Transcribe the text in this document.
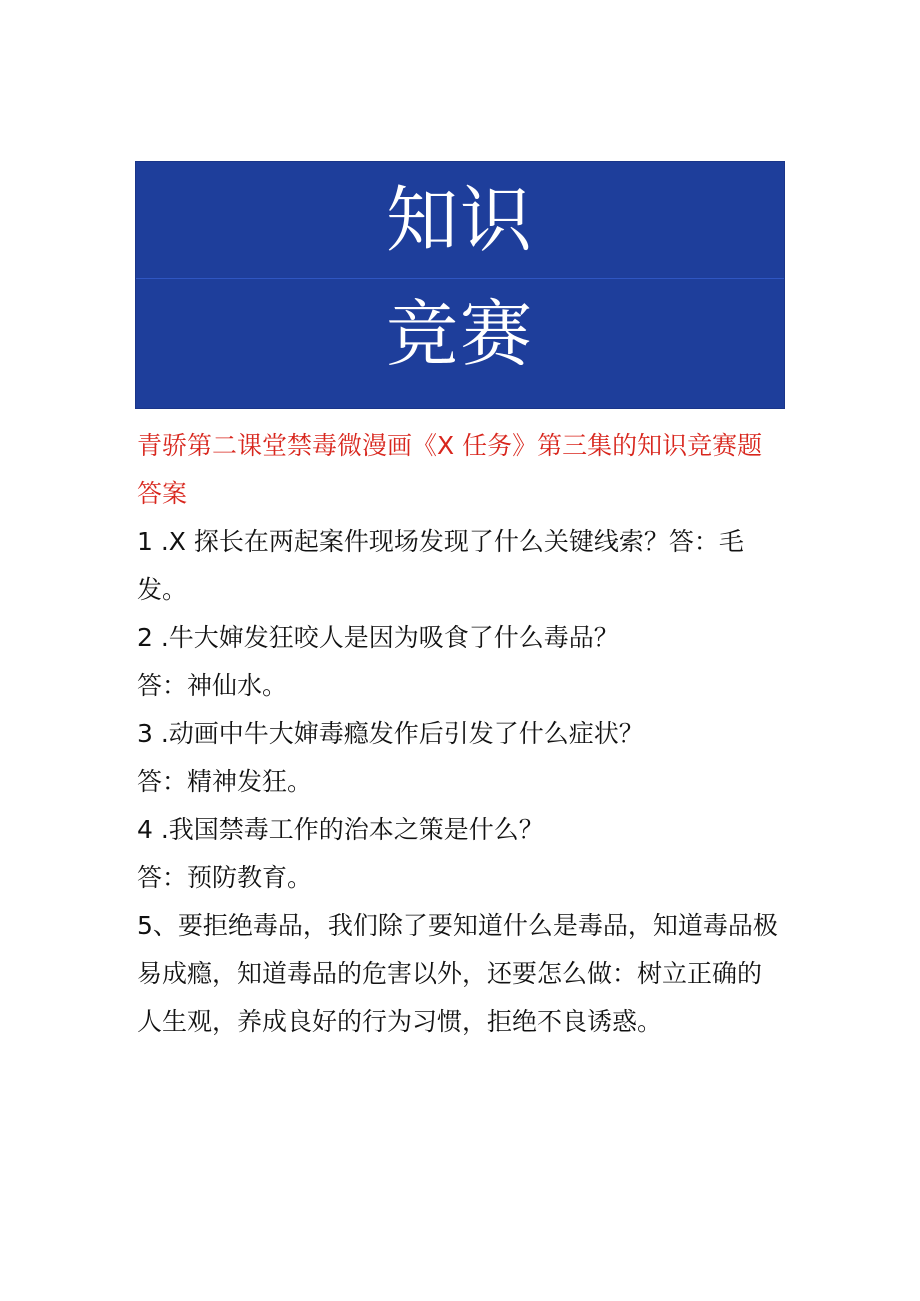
知识
竞赛
青骄第二课堂禁毒微漫画《X 任务》第三集的知识竞赛题答案

1 .X 探长在两起案件现场发现了什么关键线索？答：毛发。

2 .牛大婶发狂咬人是因为吸食了什么毒品？

答：神仙水。

3 .动画中牛大婶毒瘾发作后引发了什么症状？

答：精神发狂。

4 .我国禁毒工作的治本之策是什么？

答：预防教育。

5、要拒绝毒品，我们除了要知道什么是毒品，知道毒品极易成瘾，知道毒品的危害以外，还要怎么做：树立正确的人生观，养成良好的行为习惯，拒绝不良诱惑。
